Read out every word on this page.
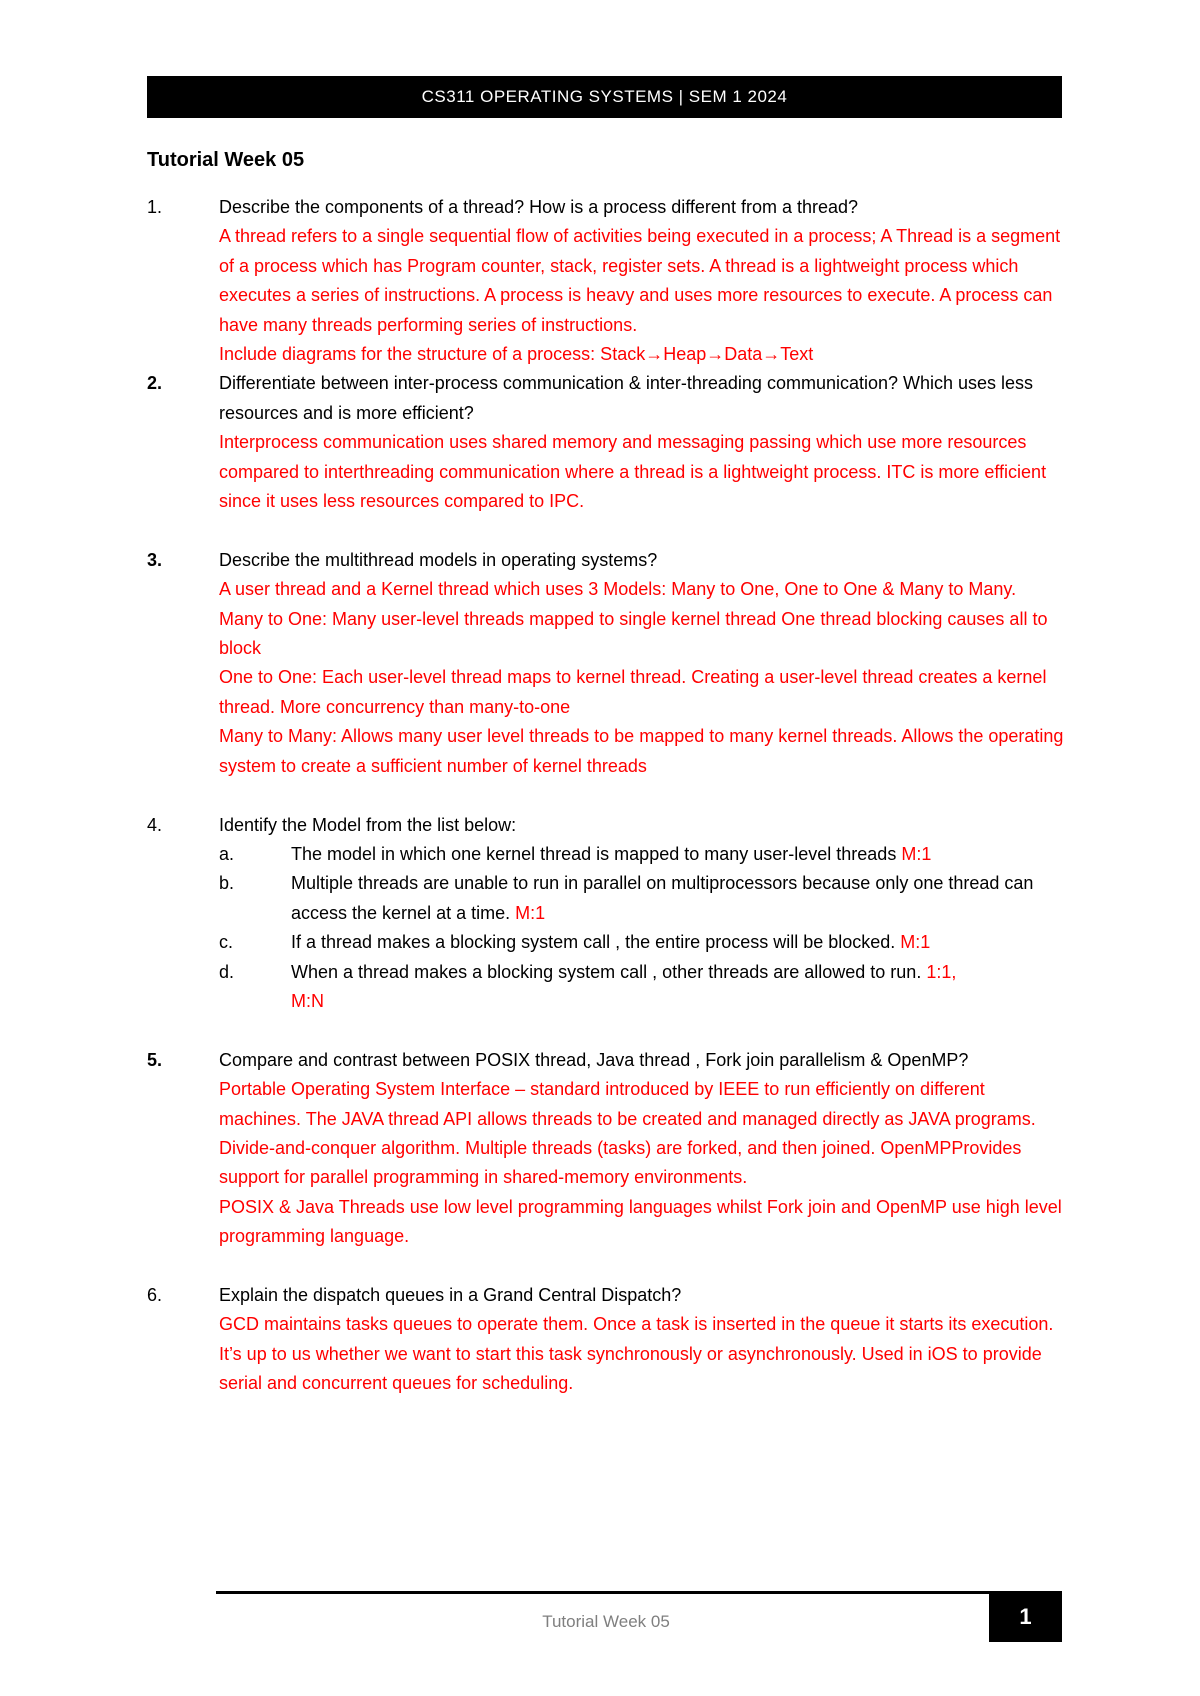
CS311 OPERATING SYSTEMS | SEM 1 2024
Tutorial Week 05
1.	Describe the components of a thread? How is a process different from a thread?
A thread refers to a single sequential flow of activities being executed in a process; A Thread is a segment of a process which has Program counter, stack, register sets. A thread is a lightweight process which executes a series of instructions. A process is heavy and uses more resources to execute. A process can have many threads performing series of instructions.
Include diagrams for the structure of a process: Stack→Heap→Data→Text
2.	Differentiate between inter-process communication & inter-threading communication? Which uses less resources and is more efficient?
Interprocess communication uses shared memory and messaging passing which use more resources compared to interthreading communication where a thread is a lightweight process. ITC is more efficient since it uses less resources compared to IPC.
3.	Describe the multithread models in operating systems?
A user thread and a Kernel thread which uses 3 Models: Many to One, One to One & Many to Many.
Many to One: Many user-level threads mapped to single kernel thread One thread blocking causes all to block
One to One: Each user-level thread maps to kernel thread. Creating a user-level thread creates a kernel thread. More concurrency than many-to-one
Many to Many: Allows many user level threads to be mapped to many kernel threads. Allows the operating system to create a sufficient number of kernel threads
4.	Identify the Model from the list below:
a.	The model in which one kernel thread is mapped to many user-level threads M:1
b.	Multiple threads are unable to run in parallel on multiprocessors because only one thread can access the kernel at a time. M:1
c.	If a thread makes a blocking system call , the entire process will be blocked. M:1
d.	When a thread makes a blocking system call , other threads are allowed to run. 1:1,
M:N
5.	Compare and contrast between POSIX thread, Java thread , Fork join parallelism & OpenMP?
Portable Operating System Interface – standard introduced by IEEE to run efficiently on different machines. The JAVA thread API allows threads to be created and managed directly as JAVA programs. Divide-and-conquer algorithm. Multiple threads (tasks) are forked, and then joined. OpenMPProvides support for parallel programming in shared-memory environments.
POSIX & Java Threads use low level programming languages whilst Fork join and OpenMP use high level programming language.
6.	Explain the dispatch queues in a Grand Central Dispatch?
GCD maintains tasks queues to operate them. Once a task is inserted in the queue it starts its execution. It’s up to us whether we want to start this task synchronously or asynchronously. Used in iOS to provide serial and concurrent queues for scheduling.
Tutorial Week 05	1
